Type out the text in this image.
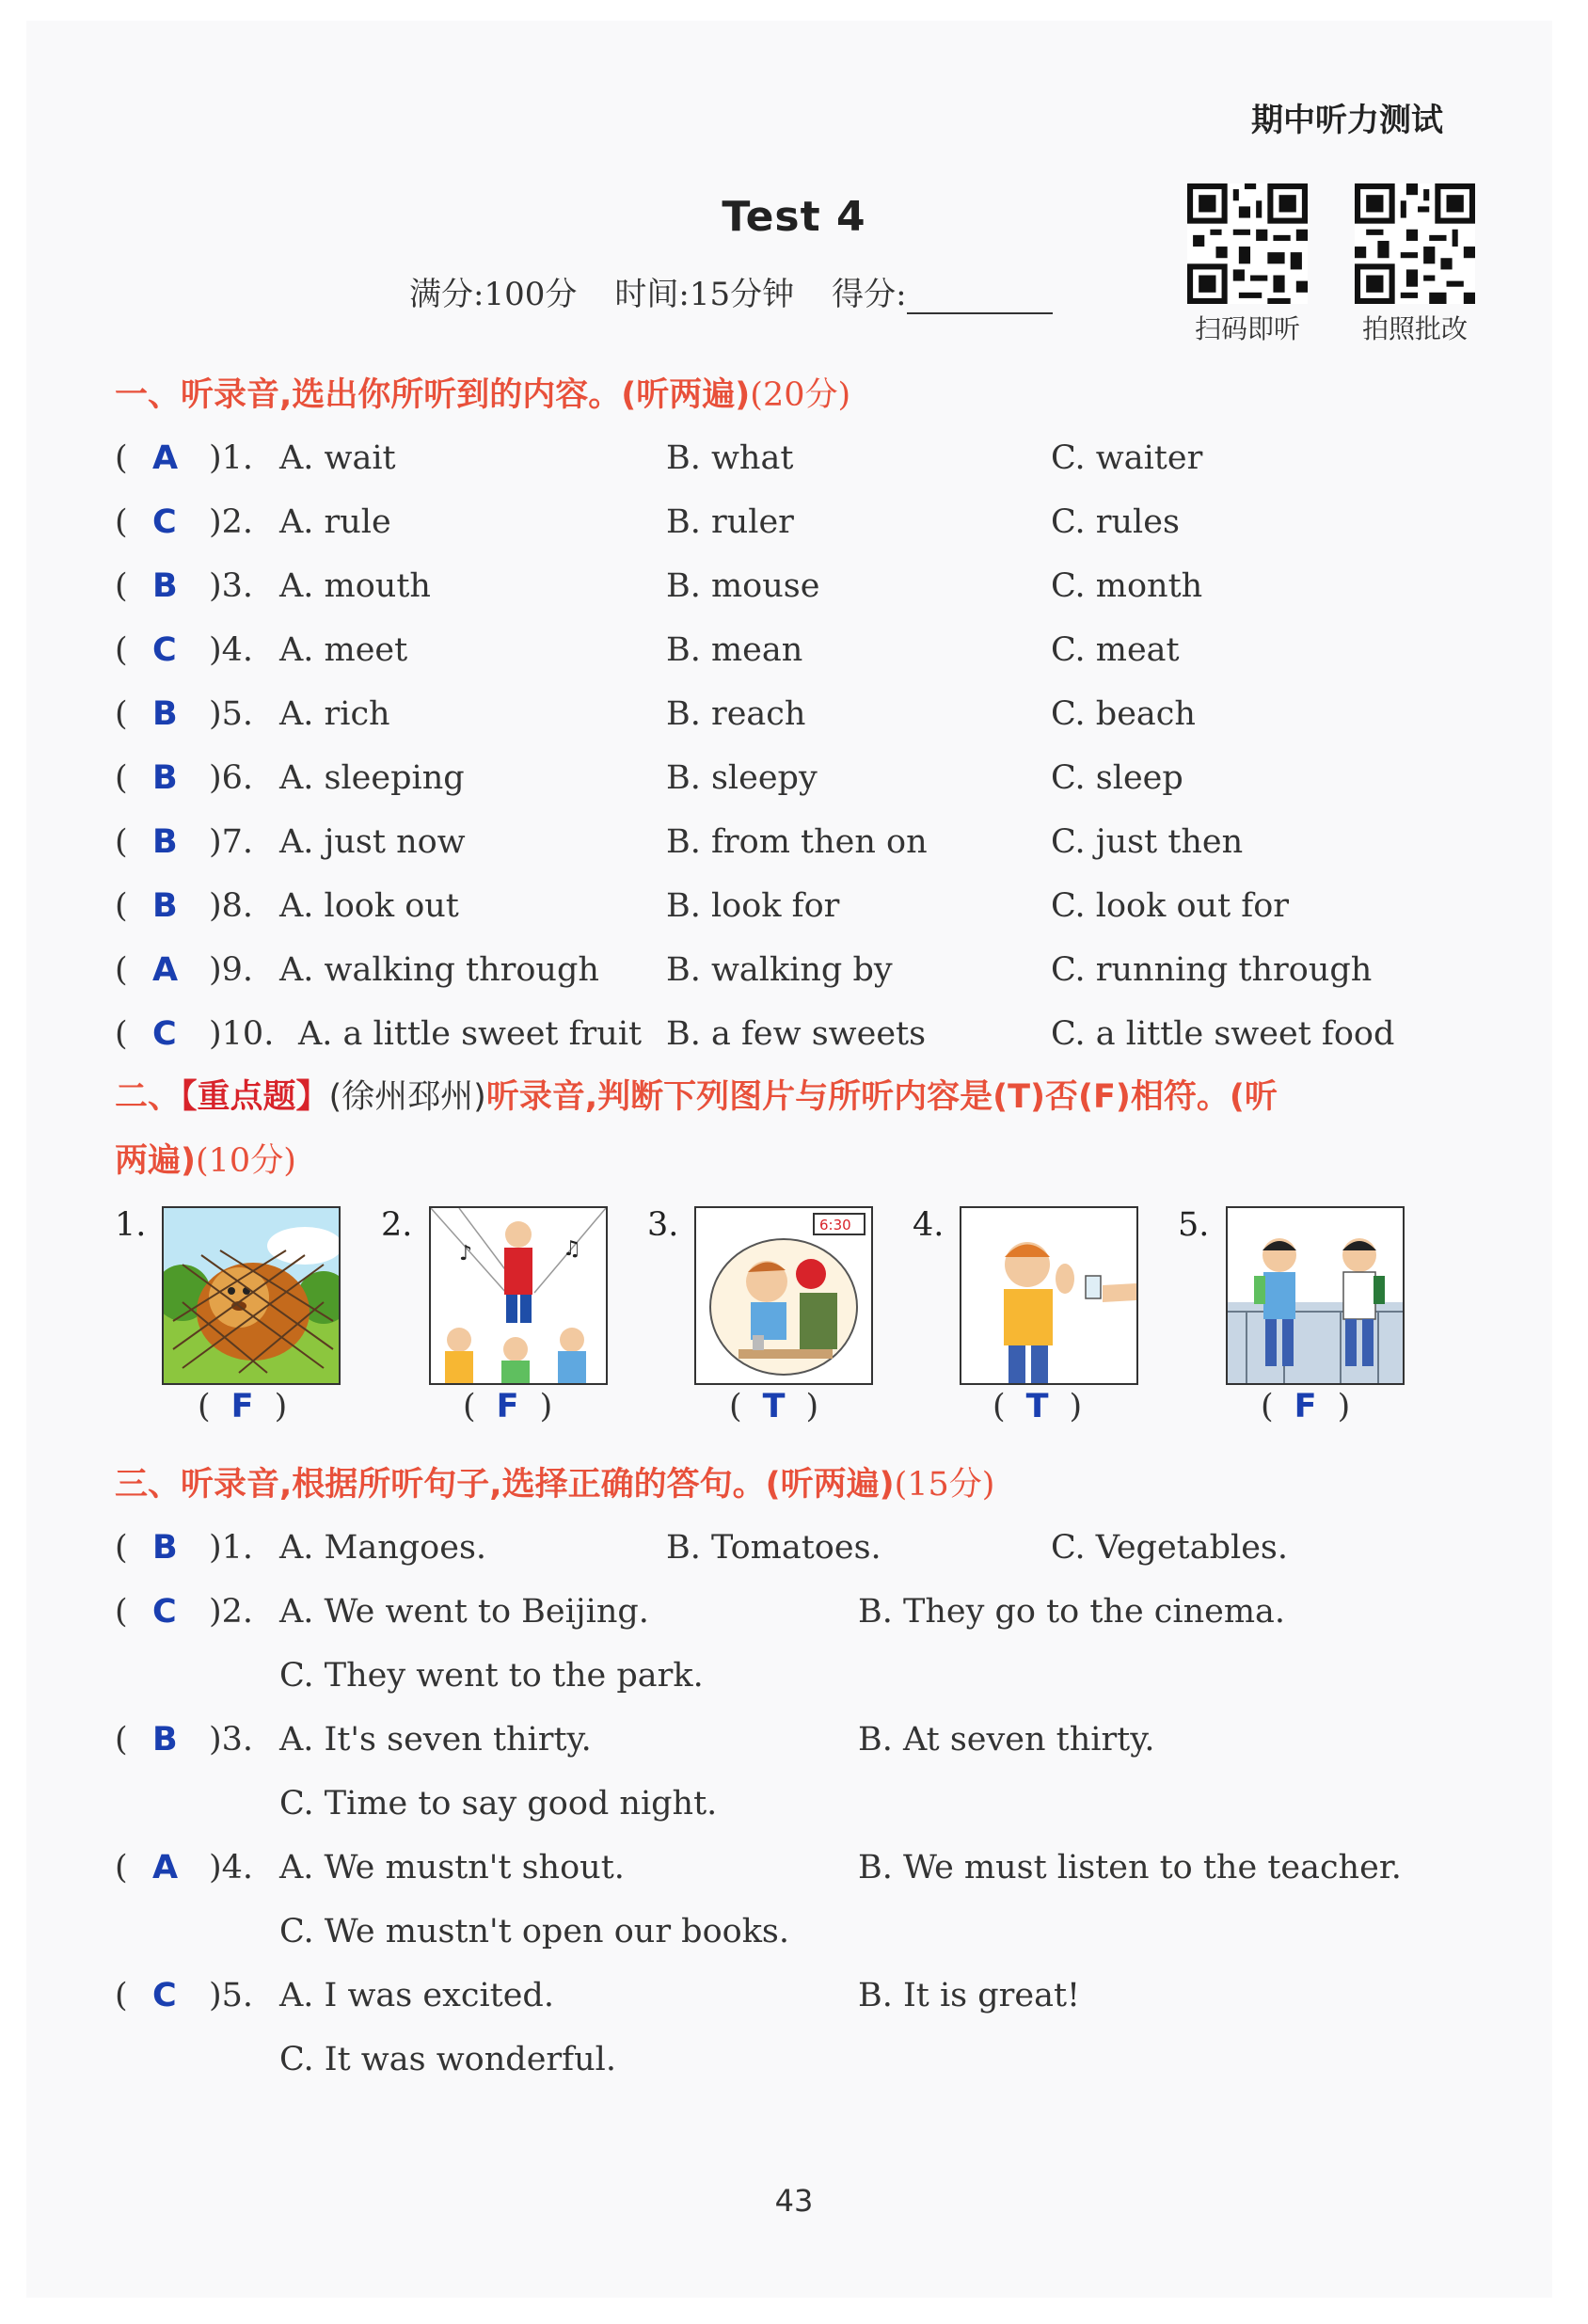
期中听力测试
Test 4
满分:100分 时间:15分钟 得分:
扫码即听	拍照批改
一、听录音,选出你所听到的内容。(听两遍)(20分)
( A )1. A. wait	B. what	C. waiter
( C )2. A. rule	B. ruler	C. rules
( B )3. A. mouth	B. mouse	C. month
( C )4. A. meet	B. mean	C. meat
( B )5. A. rich	B. reach	C. beach
( B )6. A. sleeping	B. sleepy	C. sleep
( B )7. A. just now	B. from then on	C. just then
( B )8. A. look out	B. look for	C. look out for
( A )9. A. walking through B. walking by	C. running through
( C )10. A. a little sweet fruit B. a few sweets	C. a little sweet food
二、【重点题】(徐州邳州)听录音,判断下列图片与所听内容是(T)否(F)相符。(听
两遍)(10分)
1.
( F )
2.
♪	♫
( F )
3.	6:30
( T )
4.
( T )
5.
( F )
三、听录音,根据所听句子,选择正确的答句。(听两遍)(15分)
( B )1. A. Mangoes.	B. Tomatoes.	C. Vegetables.
( C )2. A. We went to Beijing.	B. They go to the cinema.
C. They went to the park.
( B )3. A. It's seven thirty.	B. At seven thirty.
C. Time to say good night.
( A )4. A. We mustn't shout.	B. We must listen to the teacher.
C. We mustn't open our books.
( C )5. A. I was excited.	B. It is great!
C. It was wonderful.
43
